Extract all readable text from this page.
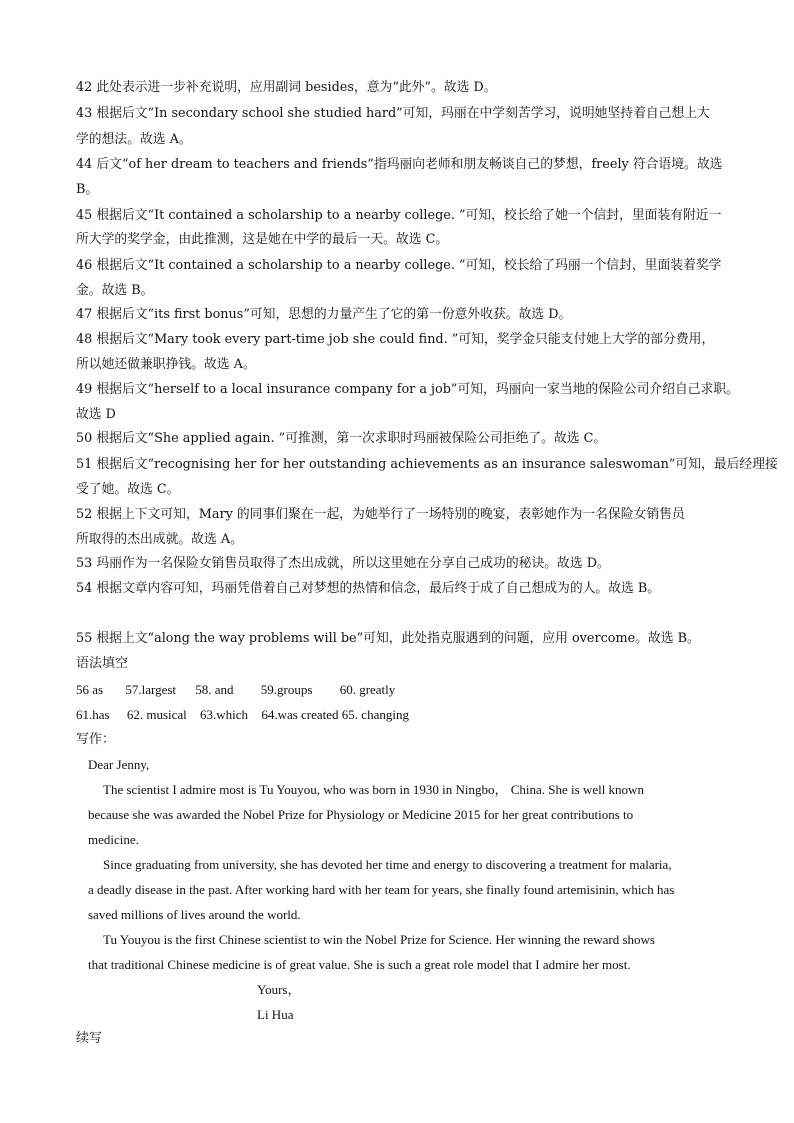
42 此处表示进一步补充说明，应用副词 besides，意为“此外”。故选 D。
43 根据后文“In secondary school she studied hard”可知，玛丽在中学刻苦学习，说明她坚持着自己想上大
学的想法。故选 A。
44 后文“of her dream to teachers and friends”指玛丽向老师和朋友畅谈自己的梦想，freely 符合语境。故选
B。
45 根据后文“It contained a scholarship to a nearby college. ”可知，校长给了她一个信封，里面装有附近一
所大学的奖学金，由此推测，这是她在中学的最后一天。故选 C。
46 根据后文“It contained a scholarship to a nearby college. ”可知，校长给了玛丽一个信封，里面装着奖学
金。故选 B。
47 根据后文“its first bonus”可知，思想的力量产生了它的第一份意外收获。故选 D。
48 根据后文“Mary took every part-time job she could find. ”可知，奖学金只能支付她上大学的部分费用，
所以她还做兼职挣钱。故选 A。
49 根据后文“herself to a local insurance company for a job”可知，玛丽向一家当地的保险公司介绍自己求职。
故选 D
50 根据后文“She applied again. ”可推测，第一次求职时玛丽被保险公司拒绝了。故选 C。
51 根据后文“recognising her for her outstanding achievements as an insurance saleswoman”可知，最后经理接
受了她。故选 C。
52 根据上下文可知，Mary 的同事们聚在一起，为她举行了一场特别的晚宴，表彰她作为一名保险女销售员
所取得的杰出成就。故选 A。
53 玛丽作为一名保险女销售员取得了杰出成就，所以这里她在分享自己成功的秘诀。故选 D。
54 根据文章内容可知，玛丽凭借着自己对梦想的热情和信念，最后终于成了自己想成为的人。故选 B。
55 根据上文“along the way problems will be”可知，此处指克服遇到的问题，应用 overcome。故选 B。
语法填空
56 as 57.largest 58. and 59.groups 60. greatly
61.has 62. musical 63.which 64.was created 65. changing
写作：
Dear Jenny,
The scientist I admire most is Tu Youyou, who was born in 1930 in Ningbo， China. She is well known
because she was awarded the Nobel Prize for Physiology or Medicine 2015 for her great contributions to
medicine.
Since graduating from university, she has devoted her time and energy to discovering a treatment for malaria,
a deadly disease in the past. After working hard with her team for years, she finally found artemisinin, which has
saved millions of lives around the world.
Tu Youyou is the first Chinese scientist to win the Nobel Prize for Science. Her winning the reward shows
that traditional Chinese medicine is of great value. She is such a great role model that I admire her most.
Yours，
Li Hua
续写
